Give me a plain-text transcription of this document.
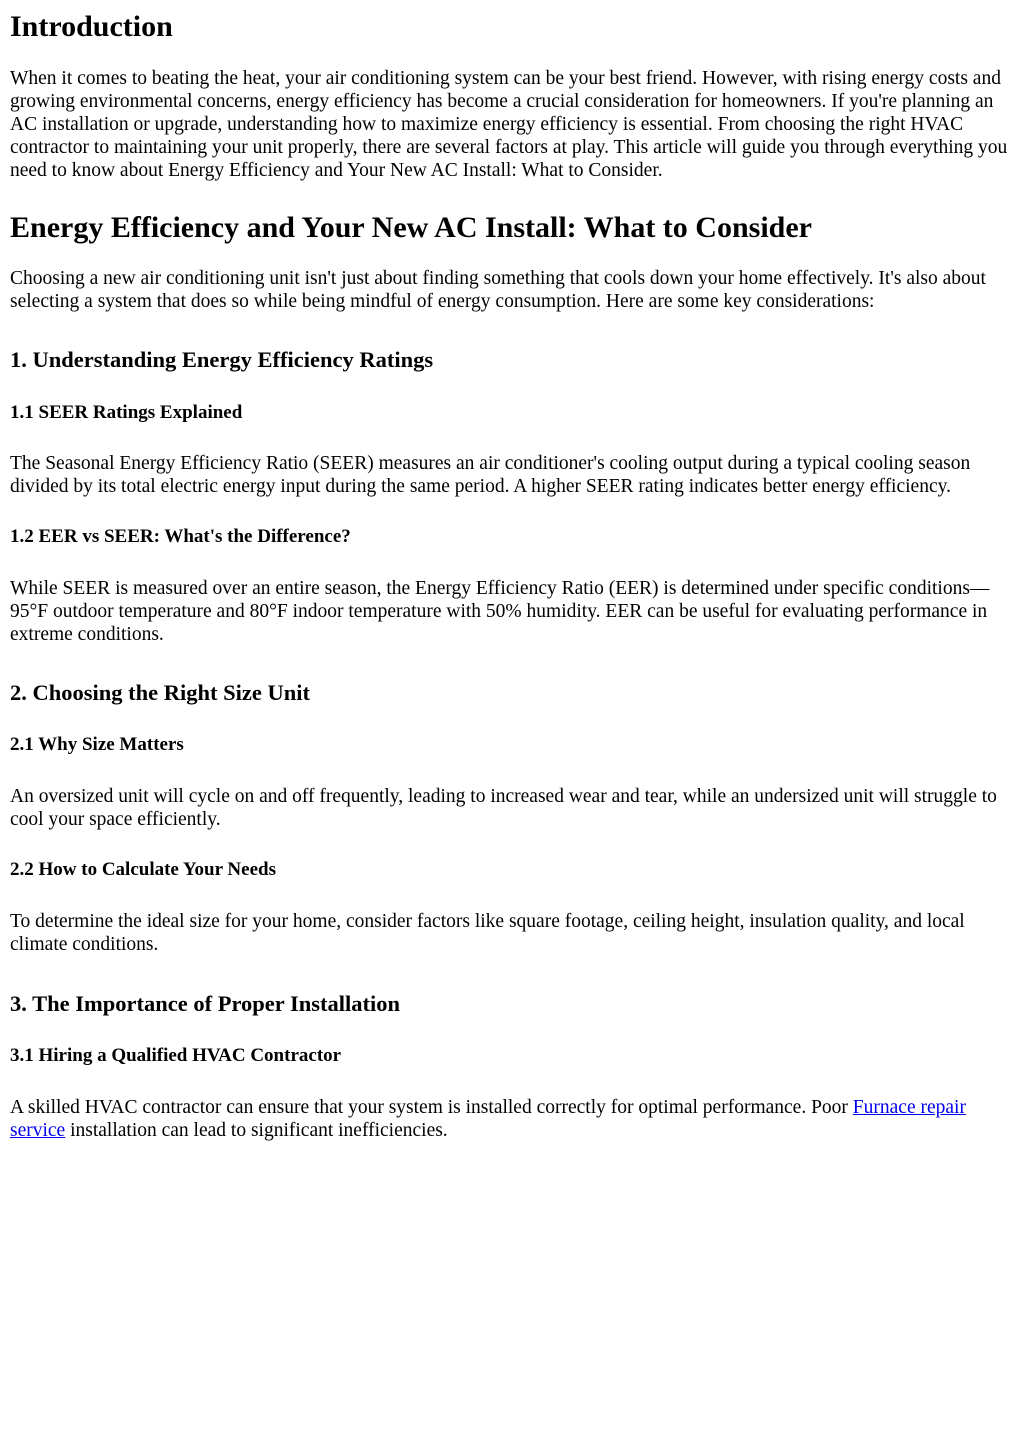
Introduction

When it comes to beating the heat, your air conditioning system can be your best friend. However, with rising energy costs and growing environmental concerns, energy efficiency has become a crucial consideration for homeowners. If you're planning an AC installation or upgrade, understanding how to maximize energy efficiency is essential. From choosing the right HVAC contractor to maintaining your unit properly, there are several factors at play. This article will guide you through everything you need to know about Energy Efficiency and Your New AC Install: What to Consider.

Energy Efficiency and Your New AC Install: What to Consider

Choosing a new air conditioning unit isn't just about finding something that cools down your home effectively. It's also about selecting a system that does so while being mindful of energy consumption. Here are some key considerations:

1. Understanding Energy Efficiency Ratings
1.1 SEER Ratings Explained

The Seasonal Energy Efficiency Ratio (SEER) measures an air conditioner's cooling output during a typical cooling season divided by its total electric energy input during the same period. A higher SEER rating indicates better energy efficiency.

1.2 EER vs SEER: What's the Difference?

While SEER is measured over an entire season, the Energy Efficiency Ratio (EER) is determined under specific conditions—95°F outdoor temperature and 80°F indoor temperature with 50% humidity. EER can be useful for evaluating performance in extreme conditions.

2. Choosing the Right Size Unit
2.1 Why Size Matters

An oversized unit will cycle on and off frequently, leading to increased wear and tear, while an undersized unit will struggle to cool your space efficiently.

2.2 How to Calculate Your Needs

To determine the ideal size for your home, consider factors like square footage, ceiling height, insulation quality, and local climate conditions.

3. The Importance of Proper Installation
3.1 Hiring a Qualified HVAC Contractor

A skilled HVAC contractor can ensure that your system is installed correctly for optimal performance. Poor Furnace repair service installation can lead to significant inefficiencies.
